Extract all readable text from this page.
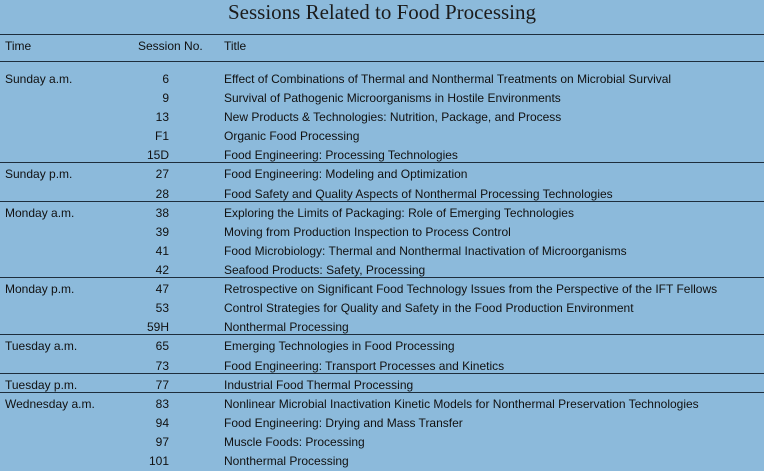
Sessions Related to Food Processing
Time	Session No. Title
Sunday a.m.	6	Effect of Combinations of Thermal and Nonthermal Treatments on Microbial Survival
9	Survival of Pathogenic Microorganisms in Hostile Environments
13	New Products & Technologies: Nutrition, Package, and Process
F1	Organic Food Processing
15D	Food Engineering: Processing Technologies
Sunday p.m.	27	Food Engineering: Modeling and Optimization
28	Food Safety and Quality Aspects of Nonthermal Processing Technologies
Monday a.m.	38	Exploring the Limits of Packaging: Role of Emerging Technologies
39	Moving from Production Inspection to Process Control
41	Food Microbiology: Thermal and Nonthermal Inactivation of Microorganisms
42	Seafood Products: Safety, Processing
Monday p.m.	47	Retrospective on Significant Food Technology Issues from the Perspective of the IFT Fellows
53	Control Strategies for Quality and Safety in the Food Production Environment
59H	Nonthermal Processing
Tuesday a.m.	65	Emerging Technologies in Food Processing
73	Food Engineering: Transport Processes and Kinetics
Tuesday p.m.	77	Industrial Food Thermal Processing
Wednesday a.m.	83	Nonlinear Microbial Inactivation Kinetic Models for Nonthermal Preservation Technologies
94	Food Engineering: Drying and Mass Transfer
97	Muscle Foods: Processing
101	Nonthermal Processing
